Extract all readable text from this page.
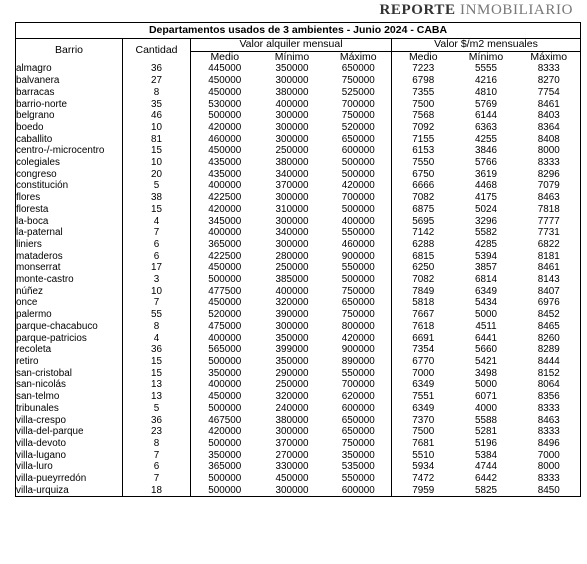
REPORTE INMOBILIARIO
Departamentos usados de 3 ambientes - Junio 2024 - CABA							
Barrio	Cantidad	Valor alquiler mensual			Valor $/m2 mensuales		
		Medio	Mínimo	Máximo	Medio	Mínimo	Máximo
almagro	36	445000	350000	650000	7223	5555	8333
balvanera	27	450000	300000	750000	6798	4216	8270
barracas	8	450000	380000	525000	7355	4810	7754
barrio-norte	35	530000	400000	700000	7500	5769	8461
belgrano	46	500000	300000	750000	7568	6144	8403
boedo	10	420000	300000	520000	7092	6363	8364
caballito	81	460000	300000	650000	7155	4255	8408
centro-/-microcentro	15	450000	250000	600000	6153	3846	8000
colegiales	10	435000	380000	500000	7550	5766	8333
congreso	20	435000	340000	500000	6750	3619	8296
constitución	5	400000	370000	420000	6666	4468	7079
flores	38	422500	300000	700000	7082	4175	8463
floresta	15	420000	310000	500000	6875	5024	7818
la-boca	4	345000	300000	400000	5695	3296	7777
la-paternal	7	400000	340000	550000	7142	5582	7731
liniers	6	365000	300000	460000	6288	4285	6822
mataderos	6	422500	280000	900000	6815	5394	8181
monserrat	17	450000	250000	550000	6250	3857	8461
monte-castro	3	500000	385000	500000	7082	6814	8143
núñez	10	477500	400000	750000	7849	6349	8407
once	7	450000	320000	650000	5818	5434	6976
palermo	55	520000	390000	750000	7667	5000	8452
parque-chacabuco	8	475000	300000	800000	7618	4511	8465
parque-patricios	4	400000	350000	420000	6691	6441	8260
recoleta	36	565000	399000	900000	7354	5660	8289
retiro	15	500000	350000	890000	6770	5421	8444
san-cristobal	15	350000	290000	550000	7000	3498	8152
san-nicolás	13	400000	250000	700000	6349	5000	8064
san-telmo	13	450000	320000	620000	7551	6071	8356
tribunales	5	500000	240000	600000	6349	4000	8333
villa-crespo	36	467500	380000	650000	7370	5588	8463
villa-del-parque	23	420000	300000	650000	7500	5281	8333
villa-devoto	8	500000	370000	750000	7681	5196	8496
villa-lugano	7	350000	270000	350000	5510	5384	7000
villa-luro	6	365000	330000	535000	5934	4744	8000
villa-pueyrredón	7	500000	450000	550000	7472	6442	8333
villa-urquiza	18	500000	300000	600000	7959	5825	8450
